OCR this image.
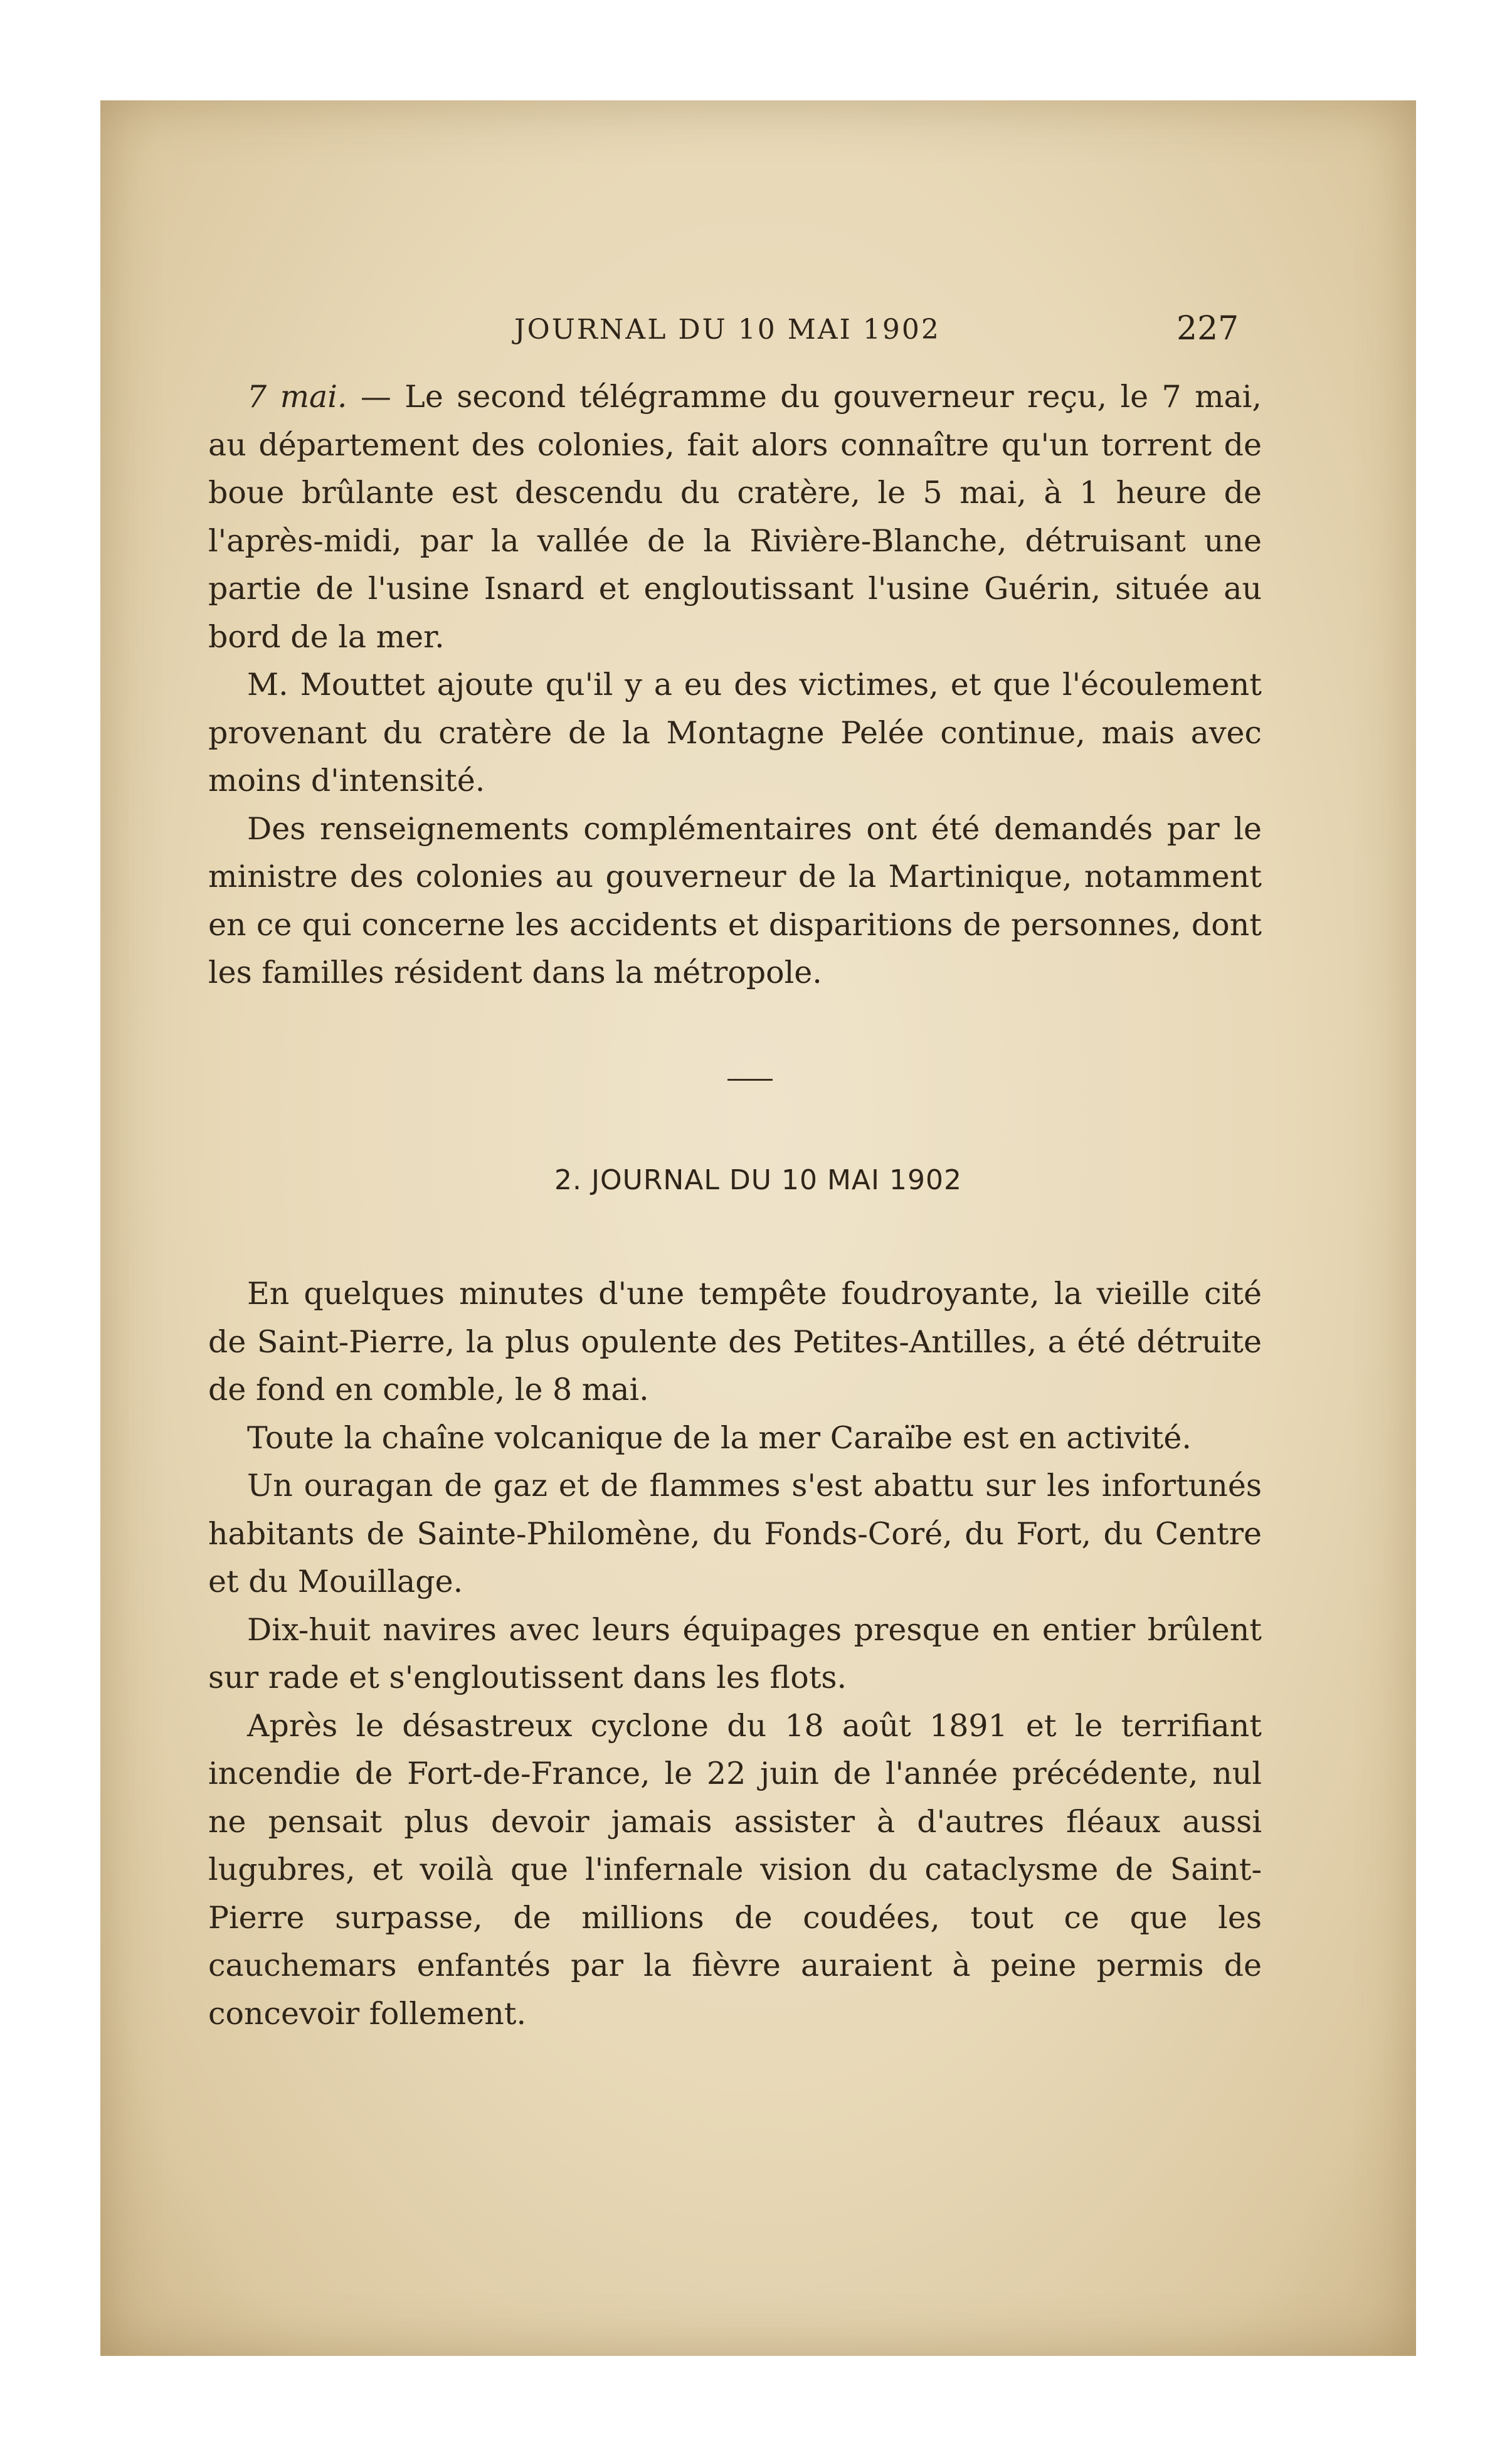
JOURNAL DU 10 MAI 1902	227

7 mai. — Le second télégramme du gouverneur reçu, le 7 mai, au département des colonies, fait alors connaître qu'un torrent de boue brûlante est descendu du cratère, le 5 mai, à 1 heure de l'après-midi, par la vallée de la Rivière-Blanche, détruisant une partie de l'usine Isnard et engloutissant l'usine Guérin, située au bord de la mer.

M. Mouttet ajoute qu'il y a eu des victimes, et que l'écoulement provenant du cratère de la Montagne Pelée continue, mais avec moins d'intensité.

Des renseignements complémentaires ont été demandés par le ministre des colonies au gouverneur de la Martinique, notamment en ce qui concerne les accidents et disparitions de personnes, dont les familles résident dans la métropole.

2. JOURNAL DU 10 MAI 1902

En quelques minutes d'une tempête foudroyante, la vieille cité de Saint-Pierre, la plus opulente des Petites-Antilles, a été détruite de fond en comble, le 8 mai.

Toute la chaîne volcanique de la mer Caraïbe est en activité.

Un ouragan de gaz et de flammes s'est abattu sur les infortunés habitants de Sainte-Philomène, du Fonds-Coré, du Fort, du Centre et du Mouillage.

Dix-huit navires avec leurs équipages presque en entier brûlent sur rade et s'engloutissent dans les flots.

Après le désastreux cyclone du 18 août 1891 et le terrifiant incendie de Fort-de-France, le 22 juin de l'année précédente, nul ne pensait plus devoir jamais assister à d'autres fléaux aussi lugubres, et voilà que l'infernale vision du cataclysme de Saint-Pierre surpasse, de millions de coudées, tout ce que les cauchemars enfantés par la fièvre auraient à peine permis de concevoir follement.
